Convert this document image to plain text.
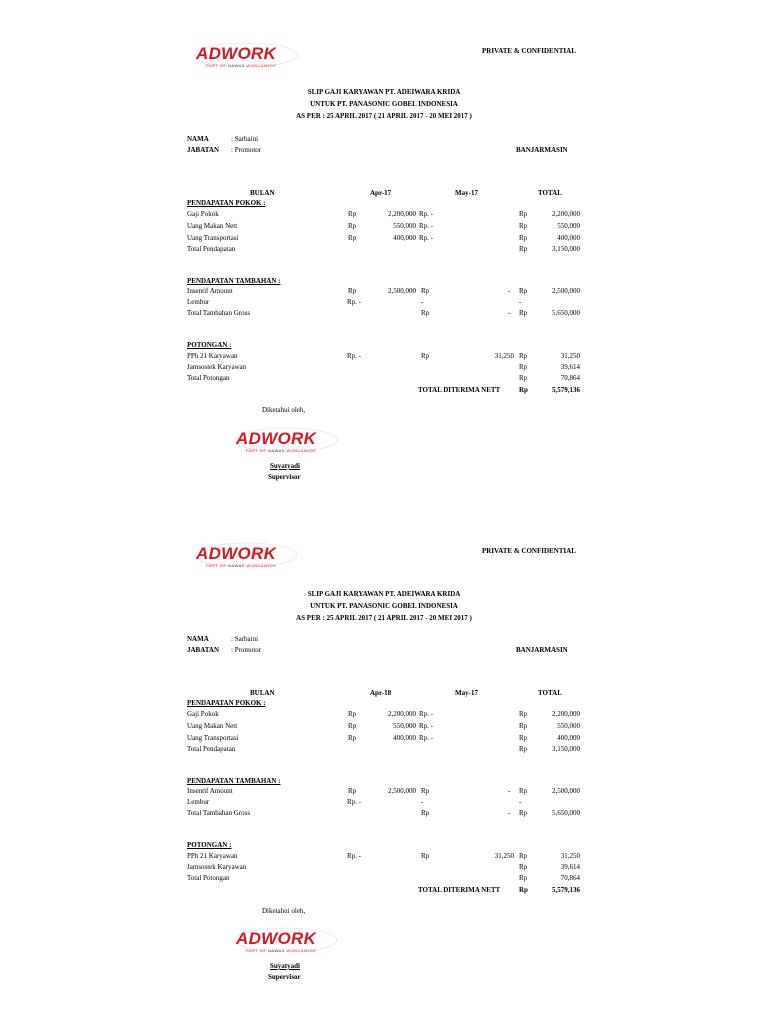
ADWORK
PART OF HAWAS WORLDWIDE
PRIVATE & CONFIDENTIAL
SLIP GAJI KARYAWAN PT. ADEIWARA KRIDA
UNTUK PT. PANASONIC GOBEL INDONESIA
AS PER : 25 APRIL 2017 ( 21 APRIL 2017 - 20 MEI 2017 )
NAMA	: Sarbaini
JABATAN : Promotor	BANJARMASIN
BULAN	Apr-17	May-17	TOTAL
PENDAPATAN POKOK :
Gaji Pokok	Rp	2,200,000 Rp. -	Rp	2,200,000
Uang Makan Nett	Rp	550,000 Rp. -	Rp	550,000
Uang Transportasi	Rp	400,000 Rp. -	Rp	400,000
Total Pendapatan	Rp	3,150,000
PENDAPATAN TAMBAHAN :
Insentif Amount	Rp	2,500,000 Rp	- Rp	2,500,000
Lembur	Rp. -	-	-
Total Tambahan Gross	Rp	- Rp	5,650,000
POTONGAN :
PPh 21 Karyawan	Rp. -	Rp	31,250 Rp	31,250
Jamsostek Karyawan	Rp	39,614
Total Potongan	Rp	70,864
TOTAL DITERIMA NETT	Rp	5,579,136
Diketahui oleh,
ADWORK
PART OF HAWAS WORLDWIDE
Suyatyadi
Supervisor
ADWORK
PART OF HAWAS WORLDWIDE
PRIVATE & CONFIDENTIAL
SLIP GAJI KARYAWAN PT. ADEIWARA KRIDA
UNTUK PT. PANASONIC GOBEL INDONESIA
AS PER : 25 APRIL 2017 ( 21 APRIL 2017 - 20 MEI 2017 )
NAMA	: Sarbaini
JABATAN : Promotor	BANJARMASIN
BULAN	Apr-18	May-17	TOTAL
PENDAPATAN POKOK :
Gaji Pokok	Rp	2,200,000 Rp. -	Rp	2,200,000
Uang Makan Nett	Rp	550,000 Rp. -	Rp	550,000
Uang Transportasi	Rp	400,000 Rp. -	Rp	400,000
Total Pendapatan	Rp	3,150,000
PENDAPATAN TAMBAHAN :
Insentif Amount	Rp	2,500,000 Rp	- Rp	2,500,000
Lembur	Rp. -	-	-
Total Tambahan Gross	Rp	- Rp	5,650,000
POTONGAN :
PPh 21 Karyawan	Rp. -	Rp	31,250 Rp	31,250
Jamsostek Karyawan	Rp	39,614
Total Potongan	Rp	70,864
TOTAL DITERIMA NETT	Rp	5,579,136
Diketahui oleh,
ADWORK
PART OF HAWAS WORLDWIDE
Suyatyadi
Supervisor
